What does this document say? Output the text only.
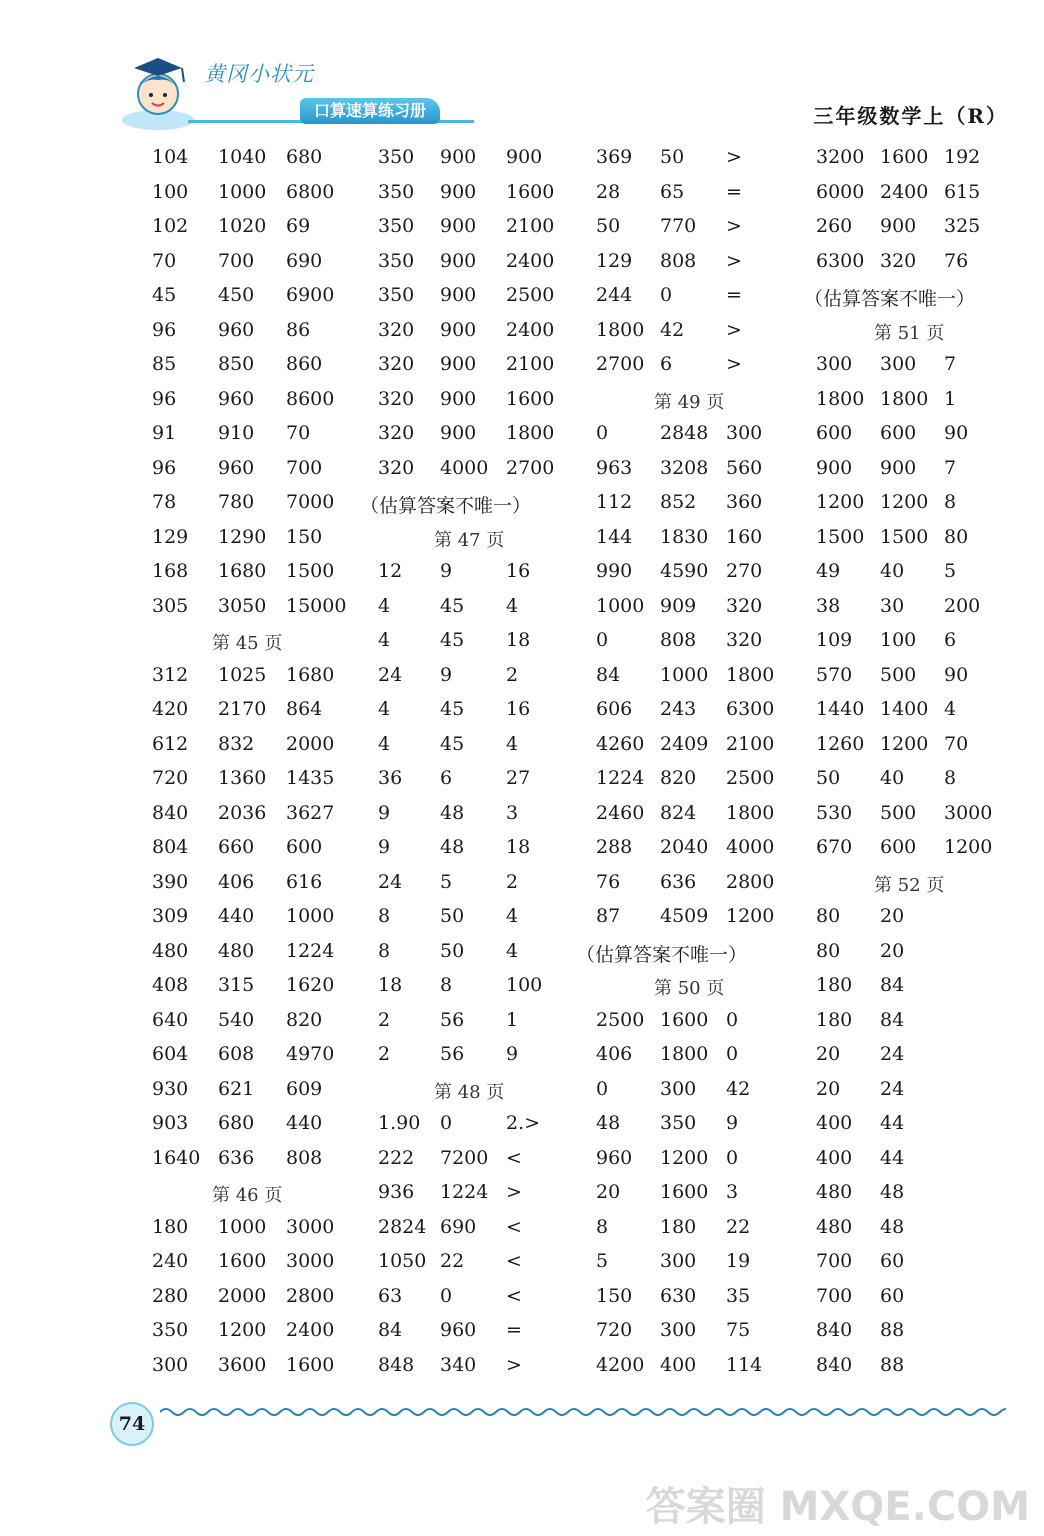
黄冈小状元
口算速算练习册	三年级数学上（R）
104 1040 680
100 1000 6800
102 1020 69
70 700 690
45 450 6900
96 960 86
85 850 860
96 960 8600
91 910 70
96 960 700
78 780 7000
129 1290 150
168 1680 1500
305 3050 15000
第 45 页
312 1025 1680
420 2170 864
612 832 2000
720 1360 1435
840 2036 3627
804 660 600
390 406 616
309 440 1000
480 480 1224
408 315 1620
640 540 820
604 608 4970
930 621 609
903 680 440
1640 636 808
第 46 页
180 1000 3000
240 1600 3000
280 2000 2800
350 1200 2400
300 3600 1600
350 900 900
350 900 1600
350 900 2100
350 900 2400
350 900 2500
320 900 2400
320 900 2100
320 900 1600
320 900 1800
320 4000 2700
（估算答案不唯一）
第 47 页
12 9	16
4	45 4
4	45 18
24 9	2
4	45 16
4	45 4
36 6	27
9	48 3
9	48 18
24 5	2
8	50 4
8	50 4
18 8	100
2	56 1
2	56 9
第 48 页
1.90 0	2.>
222 7200 <
936 1224 >
2824 690 <
1050 22 <
63 0	<
84 960 =
848 340 >
369 50 >
28 65 =
50 770 >
129 808 >
244 0	=
1800 42 >
2700 6	>
第 49 页
0	2848 300
963 3208 560
112 852 360
144 1830 160
990 4590 270
1000 909 320
0	808 320
84 1000 1800
606 243 6300
4260 2409 2100
1224 820 2500
2460 824 1800
288 2040 4000
76 636 2800
87 4509 1200
（估算答案不唯一）
第 50 页
2500 1600 0
406 1800 0
0	300 42
48 350 9
960 1200 0
20 1600 3
8	180 22
5	300 19
150 630 35
720 300 75
4200 400 114
3200 1600 192
6000 2400 615
260 900 325
6300 320 76
（估算答案不唯一）
第 51 页
300 300 7
1800 1800 1
600 600 90
900 900 7
1200 1200 8
1500 1500 80
49 40 5
38 30 200
109 100 6
570 500 90
1440 1400 4
1260 1200 70
50 40 8
530 500 3000
670 600 1200
第 52 页
80 20
80 20
180 84
180 84
20 24
20 24
400 44
400 44
480 48
480 48
700 60
700 60
840 88
840 88
74
答案圈 MXQE.COM
